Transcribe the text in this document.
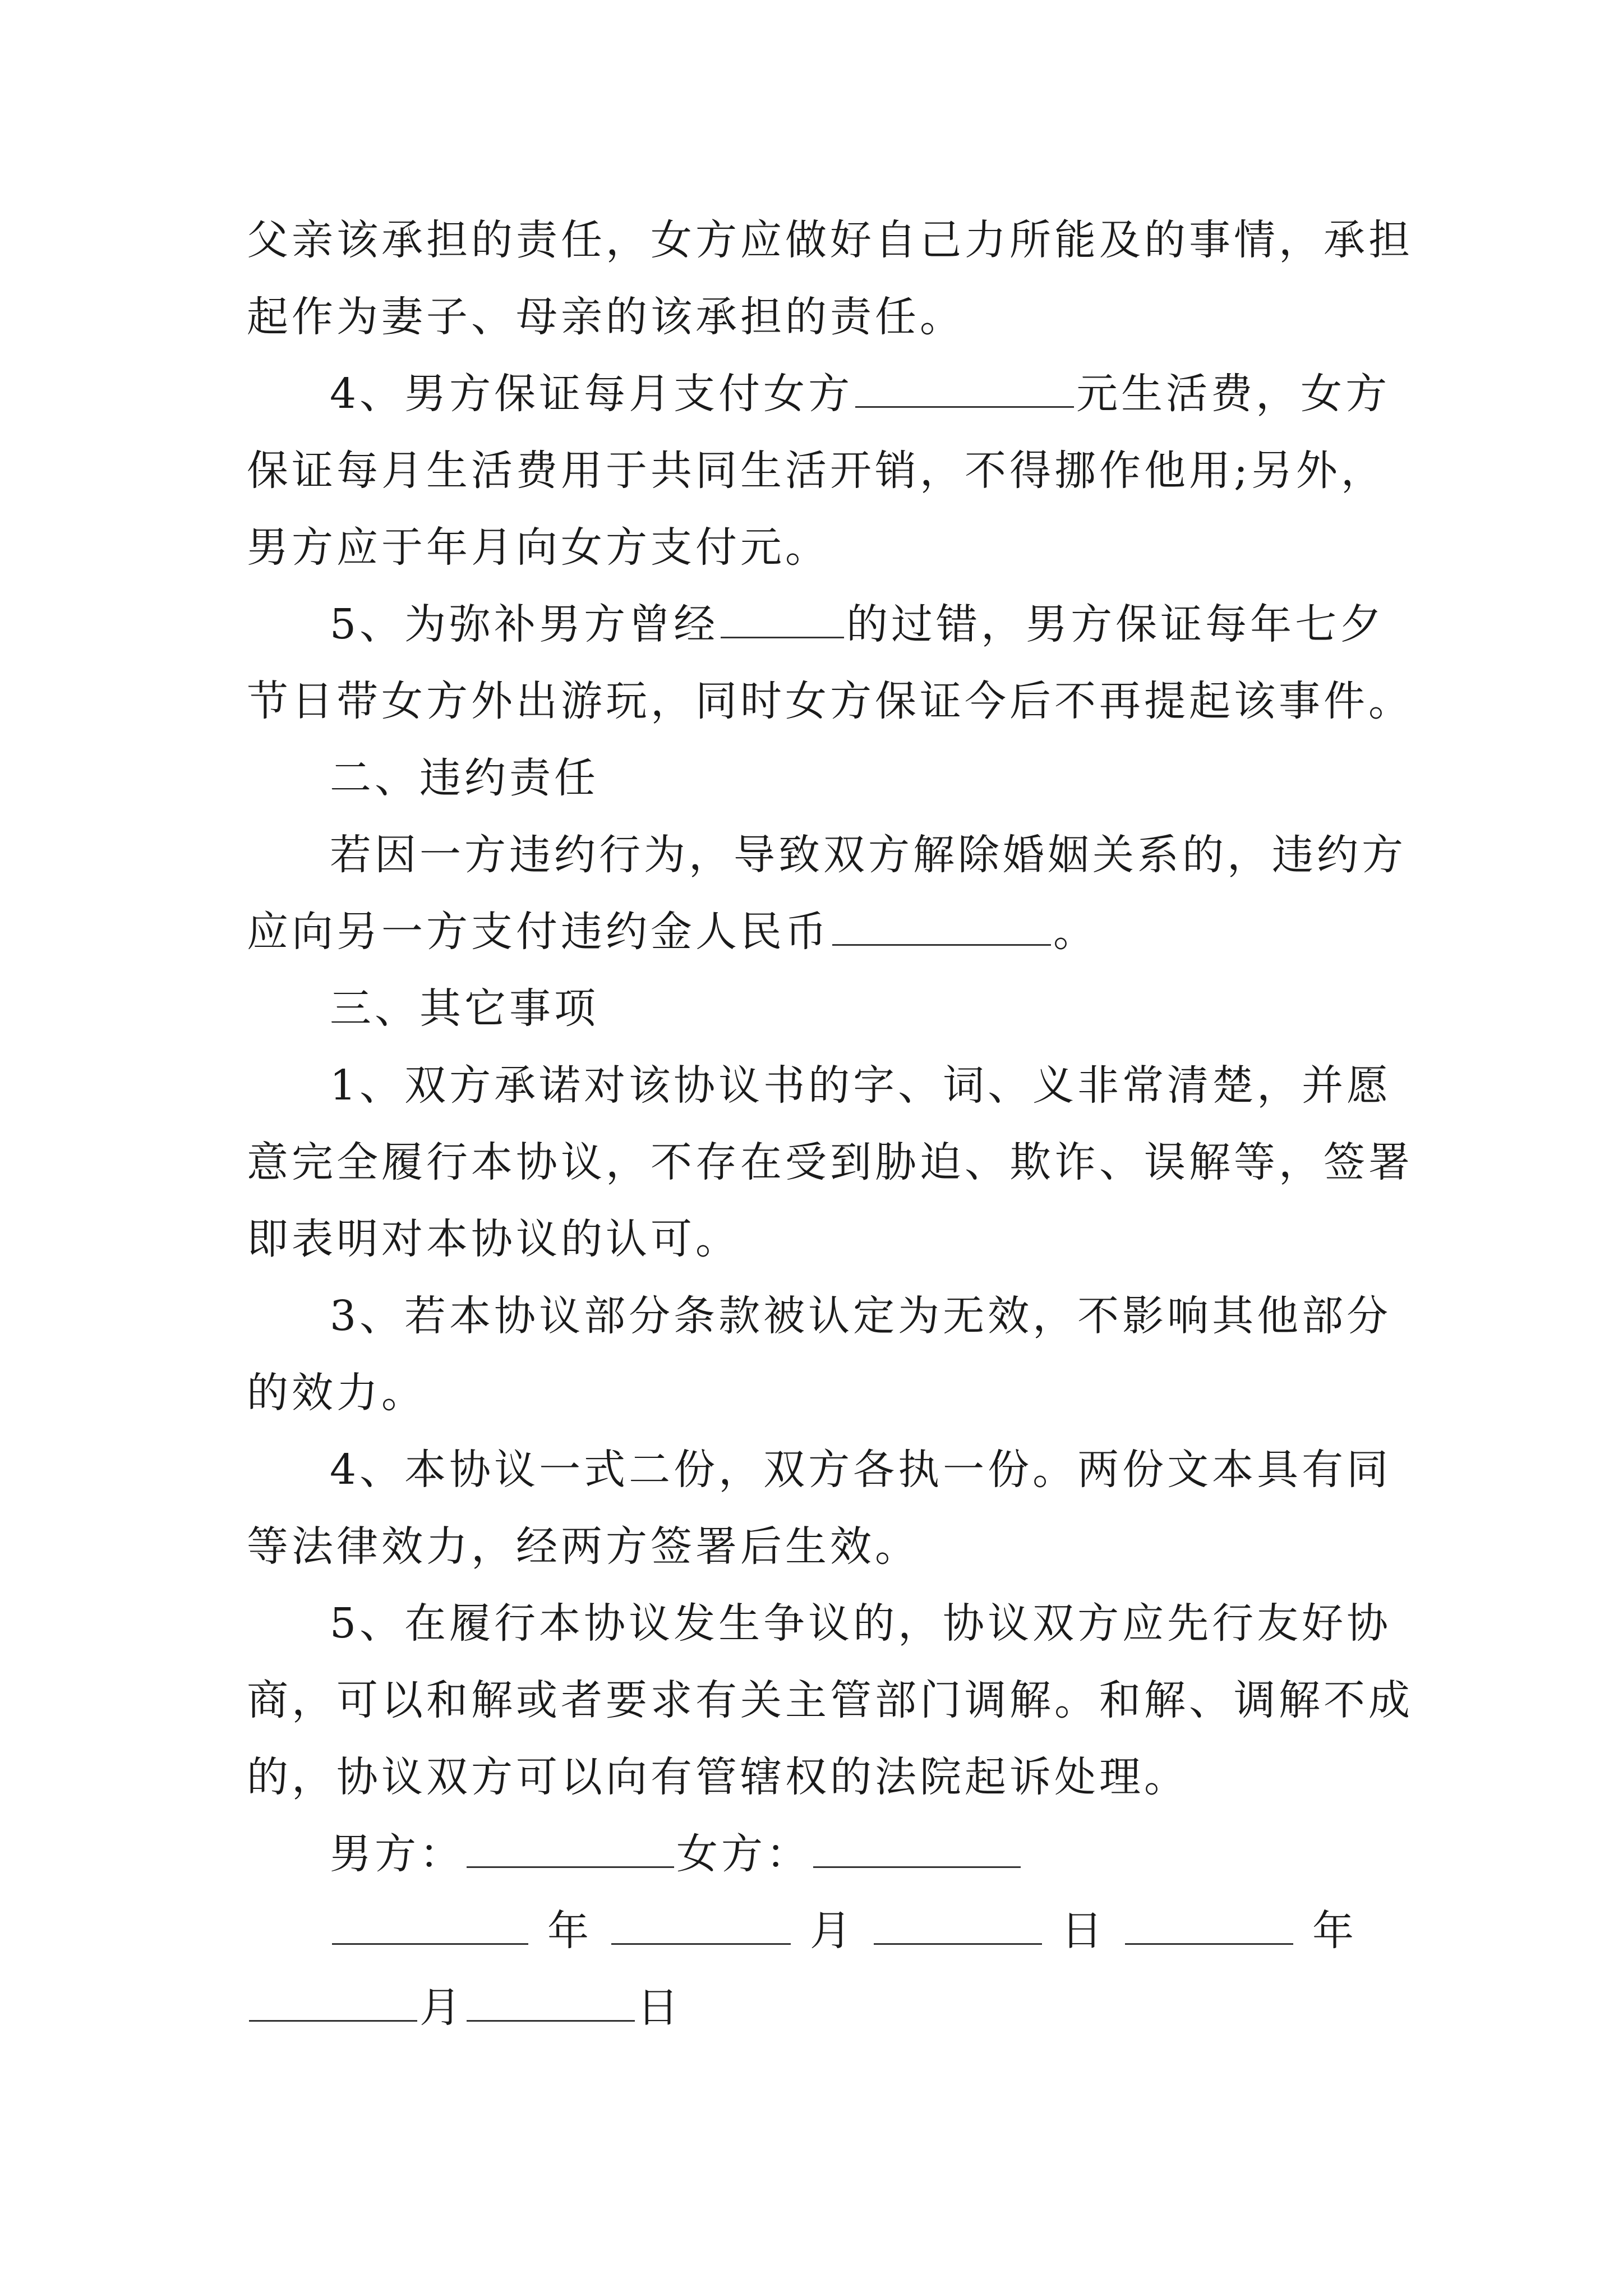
父亲该承担的责任，女方应做好自己力所能及的事情，承担
起作为妻子、母亲的该承担的责任。

4、男方保证每月支付女方	元生活费，女方
保证每月生活费用于共同生活开销，不得挪作他用;另外，
男方应于年月向女方支付元。

5、为弥补男方曾经	的过错，男方保证每年七夕
节日带女方外出游玩，同时女方保证今后不再提起该事件。

二、违约责任
若因一方违约行为，导致双方解除婚姻关系的，违约方
应向另一方支付违约金人民币	。

三、其它事项

1、双方承诺对该协议书的字、词、义非常清楚，并愿
意完全履行本协议，不存在受到胁迫、欺诈、误解等，签署
即表明对本协议的认可。

3、若本协议部分条款被认定为无效，不影响其他部分
的效力。

4、本协议一式二份，双方各执一份。两份文本具有同
等法律效力，经两方签署后生效。

5、在履行本协议发生争议的，协议双方应先行友好协
商，可以和解或者要求有关主管部门调解。和解、调解不成
的，协议双方可以向有管辖权的法院起诉处理。

男方：	女方：

年	月	日	年
月	日
